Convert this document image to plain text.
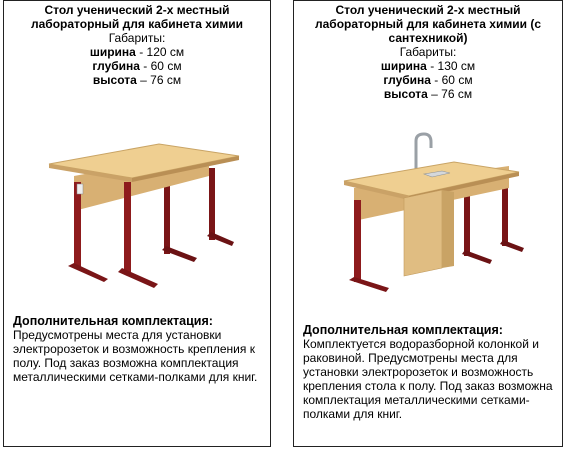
Стол ученический 2-х местный лабораторный для кабинета химии
Габариты:
ширина - 120 см
глубина - 60 см
высота – 76 см
Дополнительная комплектация:
Предусмотрены места для установки электророзеток и возможность крепления к полу. Под заказ возможна комплектация металлическими сетками-полками для книг.
Стол ученический 2-х местный лабораторный для кабинета химии (с сантехникой)
Габариты:
ширина - 130 см
глубина - 60 см
высота – 76 см
Дополнительная комплектация:
Комплектуется водоразборной колонкой и раковиной. Предусмотрены места для установки электророзеток и возможность крепления стола к полу. Под заказ возможна комплектация металлическими сетками-полками для книг.
